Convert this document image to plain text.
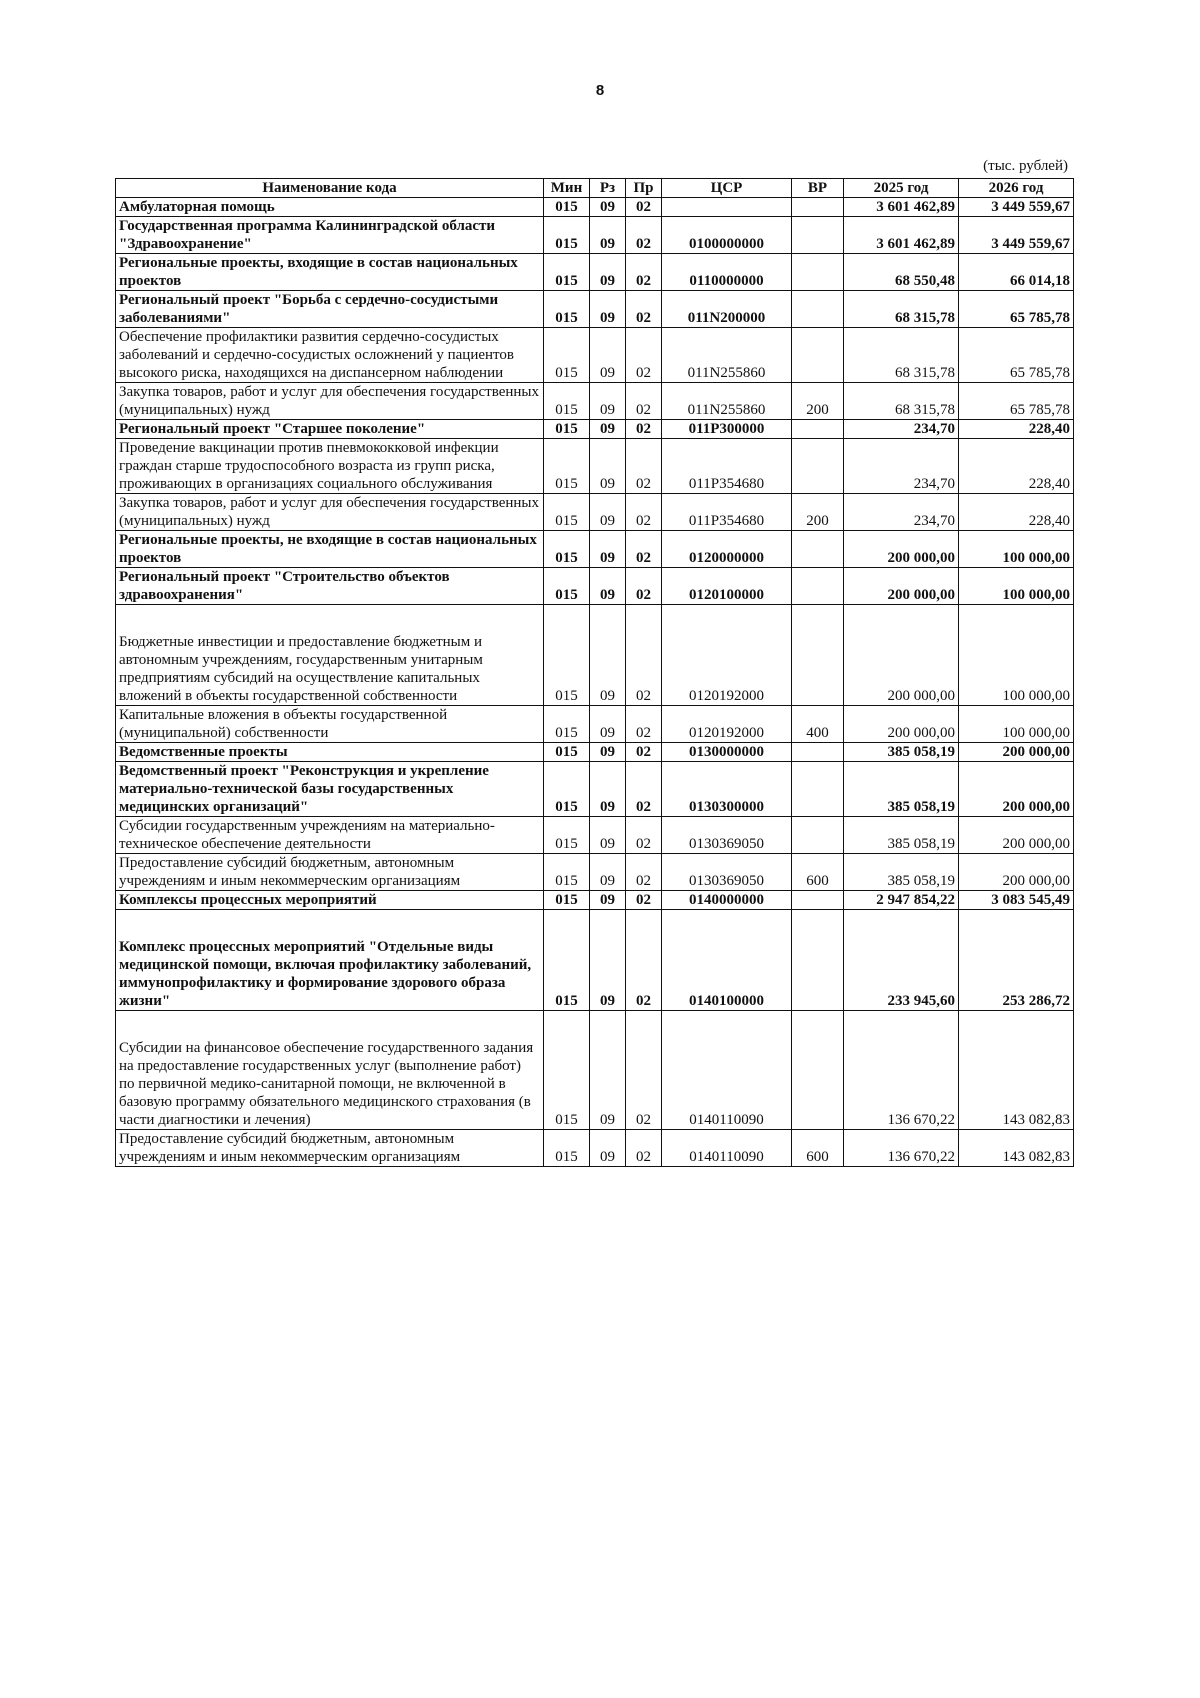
8
(тыс. рублей)
Наименование кода	Мин	Рз	Пр	ЦСР	ВР	2025 год	2026 год
Амбулаторная помощь	015	09	02			3 601 462,89	3 449 559,67
Государственная программа Калининградской области "Здравоохранение"	015	09	02	0100000000		3 601 462,89	3 449 559,67
Региональные проекты, входящие в состав национальных проектов	015	09	02	0110000000		68 550,48	66 014,18
Региональный проект "Борьба с сердечно-сосудистыми заболеваниями"	015	09	02	011N200000		68 315,78	65 785,78
Обеспечение профилактики развития сердечно-сосудистых заболеваний и сердечно-сосудистых осложнений у пациентов высокого риска, находящихся на диспансерном наблюдении	015	09	02	011N255860		68 315,78	65 785,78
Закупка товаров, работ и услуг для обеспечения государственных (муниципальных) нужд	015	09	02	011N255860	200	68 315,78	65 785,78
Региональный проект "Старшее поколение"	015	09	02	011P300000		234,70	228,40
Проведение вакцинации против пневмококковой инфекции граждан старше трудоспособного возраста из групп риска, проживающих в организациях социального обслуживания	015	09	02	011P354680		234,70	228,40
Закупка товаров, работ и услуг для обеспечения государственных (муниципальных) нужд	015	09	02	011P354680	200	234,70	228,40
Региональные проекты, не входящие в состав национальных проектов	015	09	02	0120000000		200 000,00	100 000,00
Региональный проект "Строительство объектов здравоохранения"	015	09	02	0120100000		200 000,00	100 000,00
Бюджетные инвестиции и предоставление бюджетным и автономным учреждениям, государственным унитарным предприятиям субсидий на осуществление капитальных вложений в объекты государственной собственности	015	09	02	0120192000		200 000,00	100 000,00
Капитальные вложения в объекты государственной (муниципальной) собственности	015	09	02	0120192000	400	200 000,00	100 000,00
Ведомственные проекты	015	09	02	0130000000		385 058,19	200 000,00
Ведомственный проект "Реконструкция и укрепление материально-технической базы государственных медицинских организаций"	015	09	02	0130300000		385 058,19	200 000,00
Субсидии государственным учреждениям на материально-техническое обеспечение деятельности	015	09	02	0130369050		385 058,19	200 000,00
Предоставление субсидий бюджетным, автономным учреждениям и иным некоммерческим организациям	015	09	02	0130369050	600	385 058,19	200 000,00
Комплексы процессных мероприятий	015	09	02	0140000000		2 947 854,22	3 083 545,49
Комплекс процессных мероприятий "Отдельные виды медицинской помощи, включая профилактику заболеваний, иммунопрофилактику и формирование здорового образа жизни"	015	09	02	0140100000		233 945,60	253 286,72
Субсидии на финансовое обеспечение государственного задания на предоставление государственных услуг (выполнение работ) по первичной медико-санитарной помощи, не включенной в базовую программу обязательного медицинского страхования (в части диагностики и лечения)	015	09	02	0140110090		136 670,22	143 082,83
Предоставление субсидий бюджетным, автономным учреждениям и иным некоммерческим организациям	015	09	02	0140110090	600	136 670,22	143 082,83
